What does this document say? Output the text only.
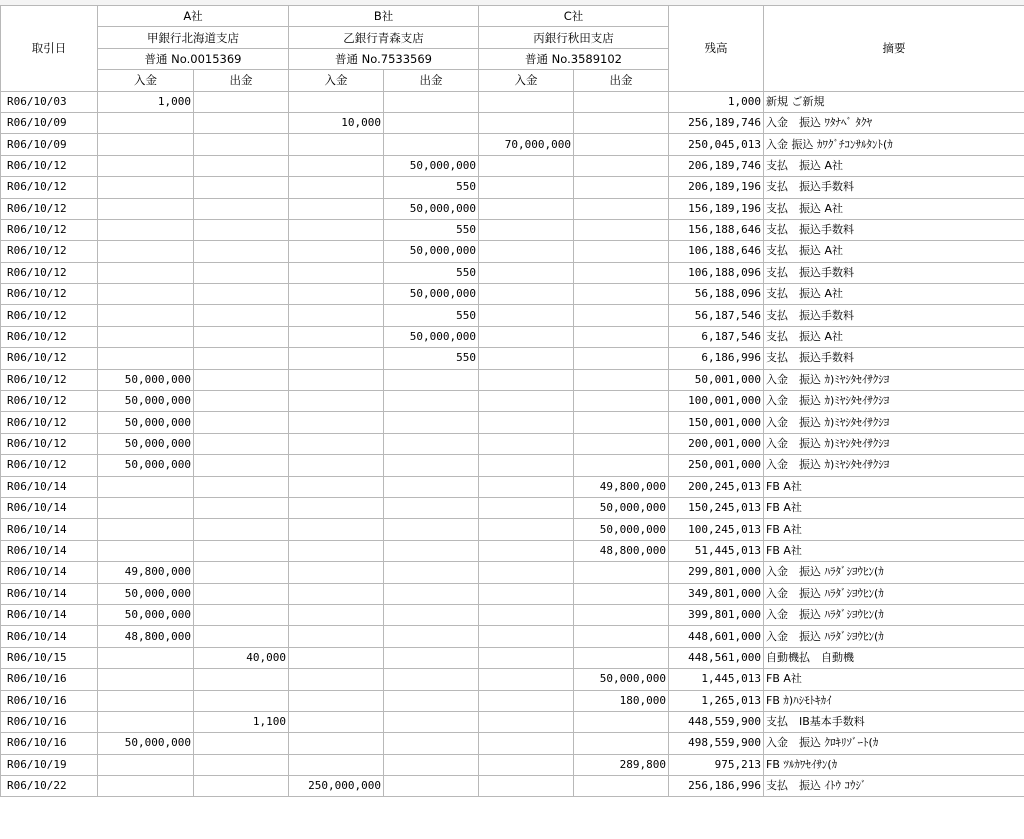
取引日	A社		B社		C社		残高	摘要
	甲銀行北海道支店		乙銀行青森支店		丙銀行秋田支店			
	普通 No.0015369		普通 No.7533569		普通 No.3589102			
	入金	出金	入金	出金	入金	出金		
R06/10/03	1,000						1,000	新規 ご新規
R06/10/09			10,000				256,189,746	入金　振込 ﾜﾀﾅﾍﾞ ﾀｸﾔ
R06/10/09					70,000,000		250,045,013	入金 振込 ｶﾜｸﾞﾁｺﾝｻﾙﾀﾝﾄ(ｶ
R06/10/12				50,000,000			206,189,746	支払　振込 A社
R06/10/12				550			206,189,196	支払　振込手数料
R06/10/12				50,000,000			156,189,196	支払　振込 A社
R06/10/12				550			156,188,646	支払　振込手数料
R06/10/12				50,000,000			106,188,646	支払　振込 A社
R06/10/12				550			106,188,096	支払　振込手数料
R06/10/12				50,000,000			56,188,096	支払　振込 A社
R06/10/12				550			56,187,546	支払　振込手数料
R06/10/12				50,000,000			6,187,546	支払　振込 A社
R06/10/12				550			6,186,996	支払　振込手数料
R06/10/12	50,000,000						50,001,000	入金　振込 ｶ)ﾐﾔｼﾀｾｲｻｸｼﾖ
R06/10/12	50,000,000						100,001,000	入金　振込 ｶ)ﾐﾔｼﾀｾｲｻｸｼﾖ
R06/10/12	50,000,000						150,001,000	入金　振込 ｶ)ﾐﾔｼﾀｾｲｻｸｼﾖ
R06/10/12	50,000,000						200,001,000	入金　振込 ｶ)ﾐﾔｼﾀｾｲｻｸｼﾖ
R06/10/12	50,000,000						250,001,000	入金　振込 ｶ)ﾐﾔｼﾀｾｲｻｸｼﾖ
R06/10/14						49,800,000	200,245,013	FB A社
R06/10/14						50,000,000	150,245,013	FB A社
R06/10/14						50,000,000	100,245,013	FB A社
R06/10/14						48,800,000	51,445,013	FB A社
R06/10/14	49,800,000						299,801,000	入金　振込 ﾊﾗﾀﾞｼﾖｳﾋﾝ(ｶ
R06/10/14	50,000,000						349,801,000	入金　振込 ﾊﾗﾀﾞｼﾖｳﾋﾝ(ｶ
R06/10/14	50,000,000						399,801,000	入金　振込 ﾊﾗﾀﾞｼﾖｳﾋﾝ(ｶ
R06/10/14	48,800,000						448,601,000	入金　振込 ﾊﾗﾀﾞｼﾖｳﾋﾝ(ｶ
R06/10/15		40,000					448,561,000	自動機払　自動機
R06/10/16						50,000,000	1,445,013	FB A社
R06/10/16						180,000	1,265,013	FB ｶ)ﾊｼﾓﾄｷｶｲ
R06/10/16		1,100					448,559,900	支払　IB基本手数料
R06/10/16	50,000,000						498,559,900	入金　振込 ｸﾛｷﾘｿﾞｰﾄ(ｶ
R06/10/19						289,800	975,213	FB ﾂﾙｶﾜｾｲｻﾝ(ｶ
R06/10/22			250,000,000				256,186,996	支払　振込 ｲﾄｳ ｺｳｼﾞ
